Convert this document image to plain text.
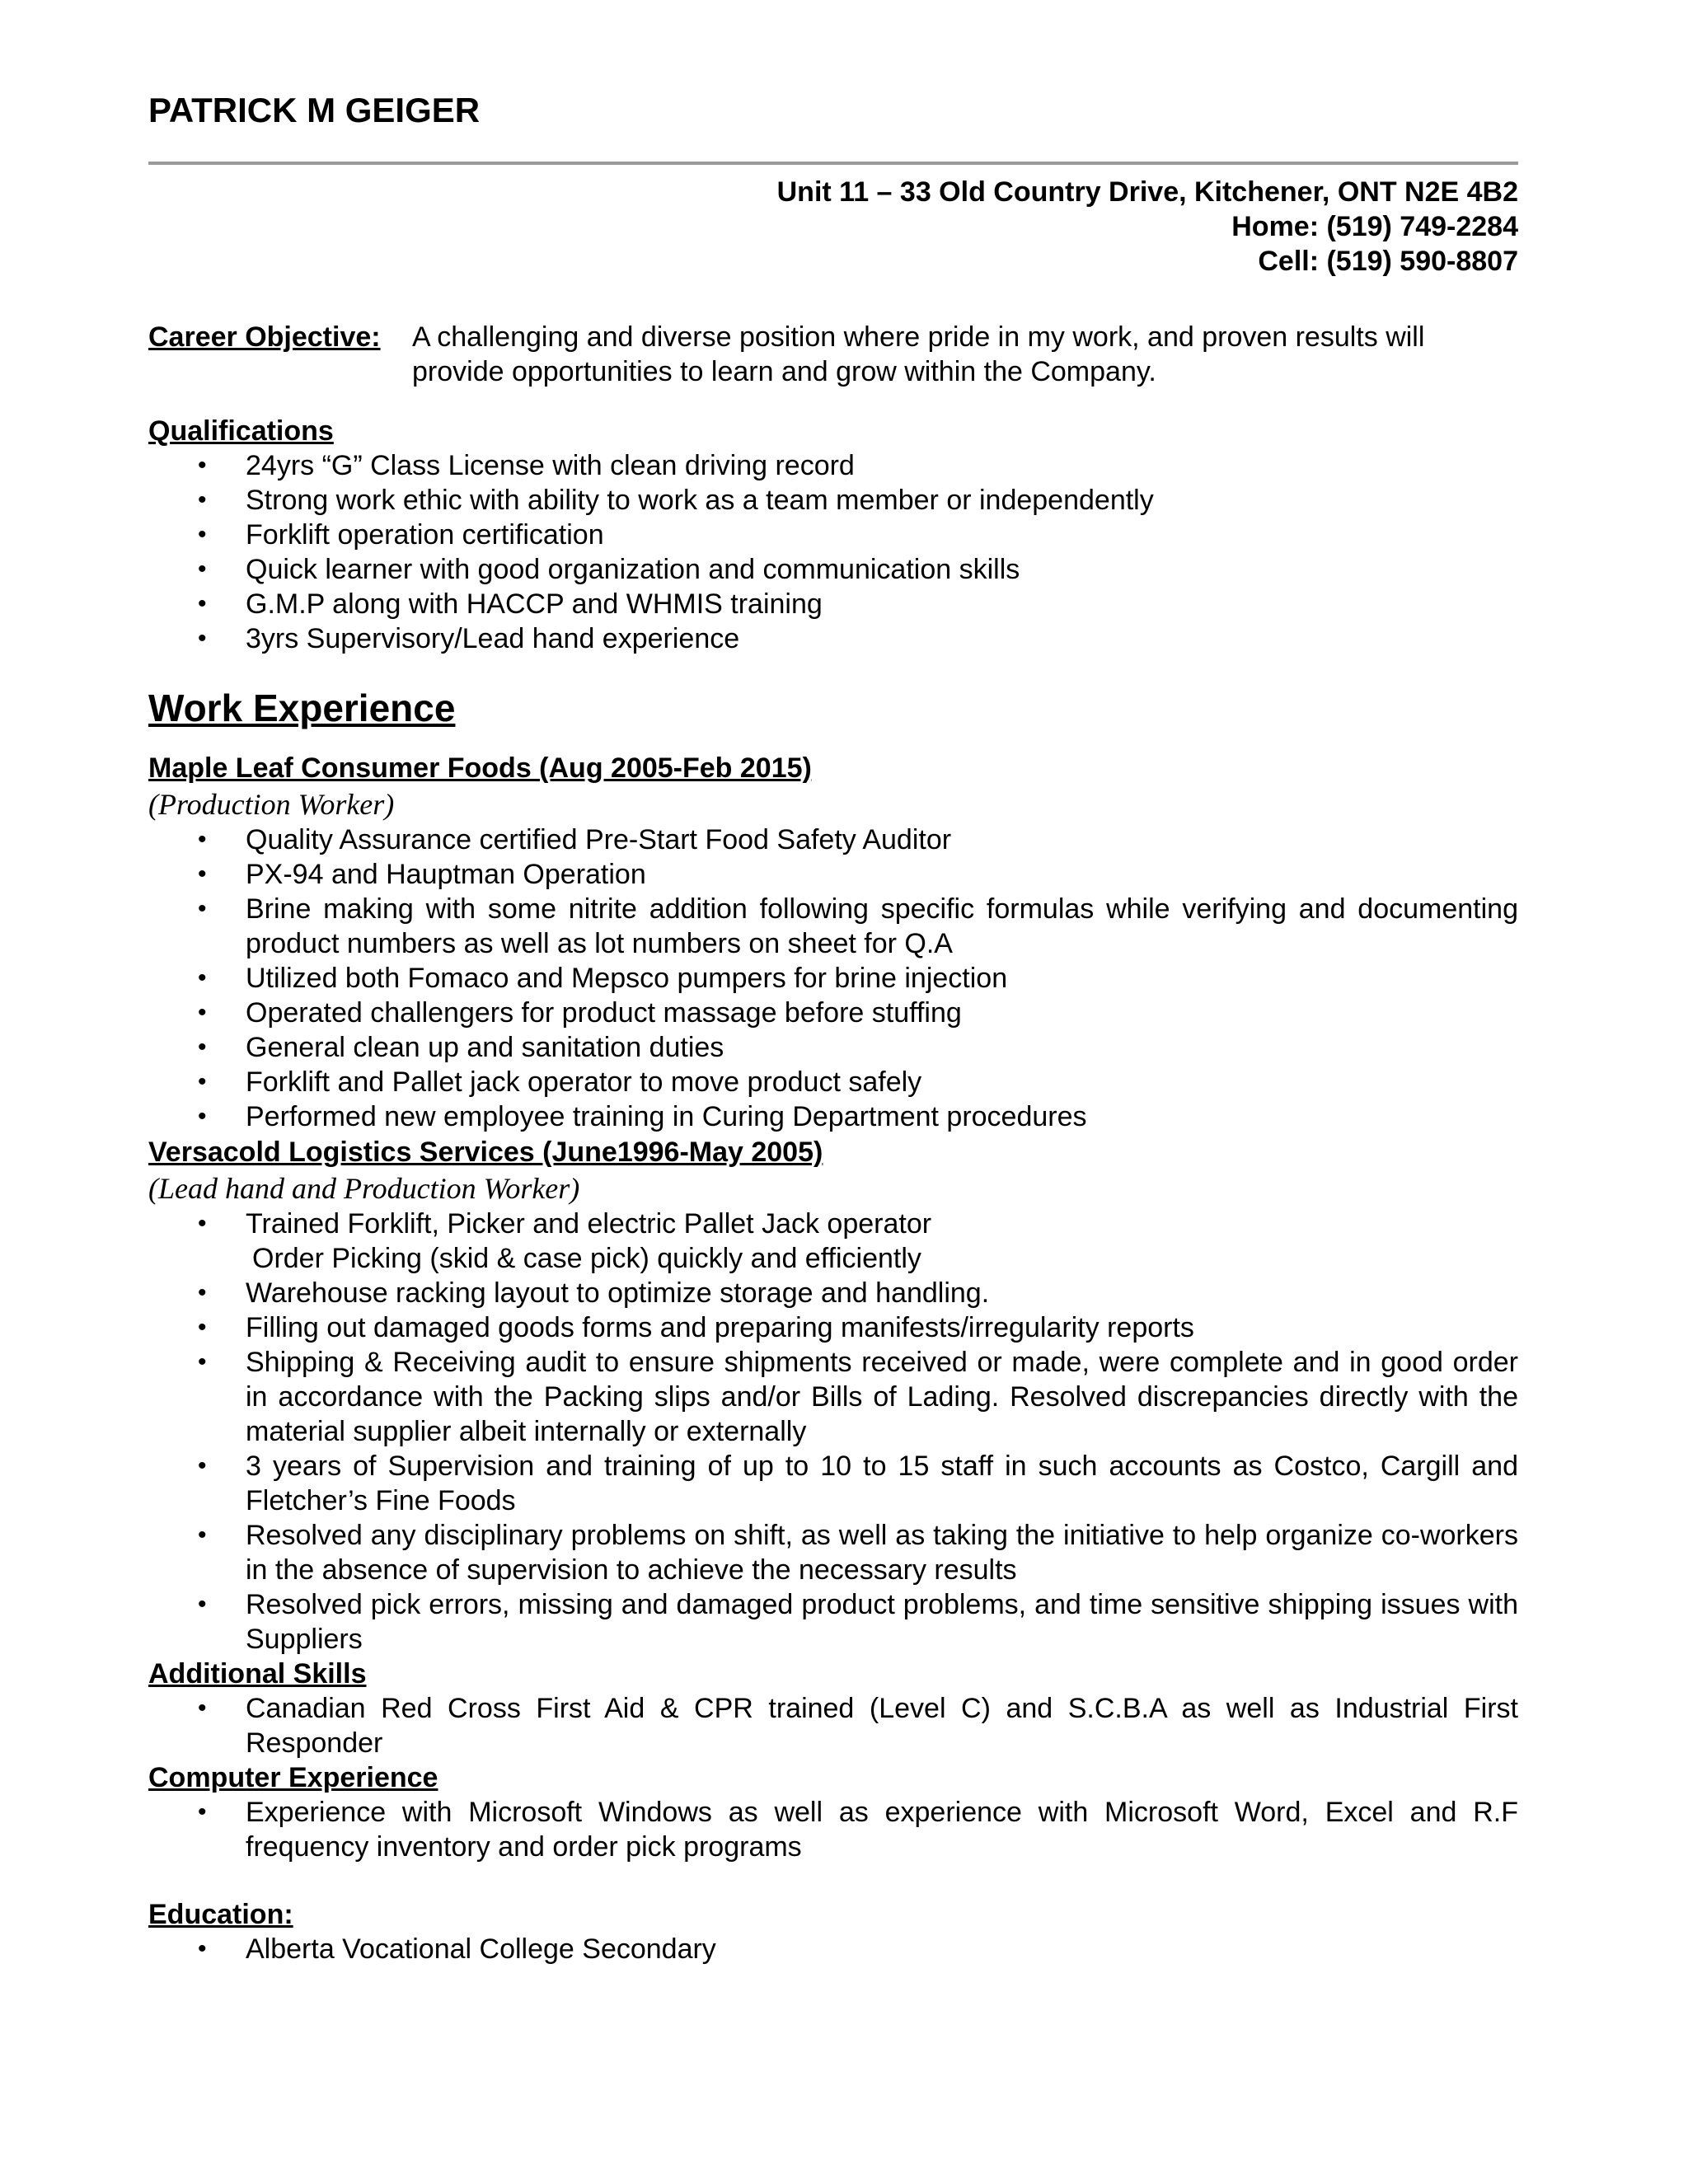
PATRICK M GEIGER
Unit 11 – 33 Old Country Drive, Kitchener, ONT N2E 4B2
Home: (519) 749-2284
Cell: (519) 590-8807
Career Objective:	A challenging and diverse position where pride in my work, and proven results will provide opportunities to learn and grow within the Company.
Qualifications
• 24yrs “G” Class License with clean driving record
• Strong work ethic with ability to work as a team member or independently
• Forklift operation certification
• Quick learner with good organization and communication skills
• G.M.P along with HACCP and WHMIS training
• 3yrs Supervisory/Lead hand experience
Work Experience
Maple Leaf Consumer Foods (Aug 2005-Feb 2015)
(Production Worker)
• Quality Assurance certified Pre-Start Food Safety Auditor
• PX-94 and Hauptman Operation
• Brine making with some nitrite addition following specific formulas while verifying and documenting product numbers as well as lot numbers on sheet for Q.A
• Utilized both Fomaco and Mepsco pumpers for brine injection
• Operated challengers for product massage before stuffing
• General clean up and sanitation duties
• Forklift and Pallet jack operator to move product safely
• Performed new employee training in Curing Department procedures
Versacold Logistics Services (June1996-May 2005)
(Lead hand and Production Worker)
• Trained Forklift, Picker and electric Pallet Jack operator
Order Picking (skid & case pick) quickly and efficiently
• Warehouse racking layout to optimize storage and handling.
• Filling out damaged goods forms and preparing manifests/irregularity reports
• Shipping & Receiving audit to ensure shipments received or made, were complete and in good order in accordance with the Packing slips and/or Bills of Lading. Resolved discrepancies directly with the material supplier albeit internally or externally
• 3 years of Supervision and training of up to 10 to 15 staff in such accounts as Costco, Cargill and Fletcher’s Fine Foods
• Resolved any disciplinary problems on shift, as well as taking the initiative to help organize co-workers in the absence of supervision to achieve the necessary results
• Resolved pick errors, missing and damaged product problems, and time sensitive shipping issues with Suppliers
Additional Skills
• Canadian Red Cross First Aid & CPR trained (Level C) and S.C.B.A as well as Industrial First Responder
Computer Experience
• Experience with Microsoft Windows as well as experience with Microsoft Word, Excel and R.F frequency inventory and order pick programs
Education:
• Alberta Vocational College Secondary
